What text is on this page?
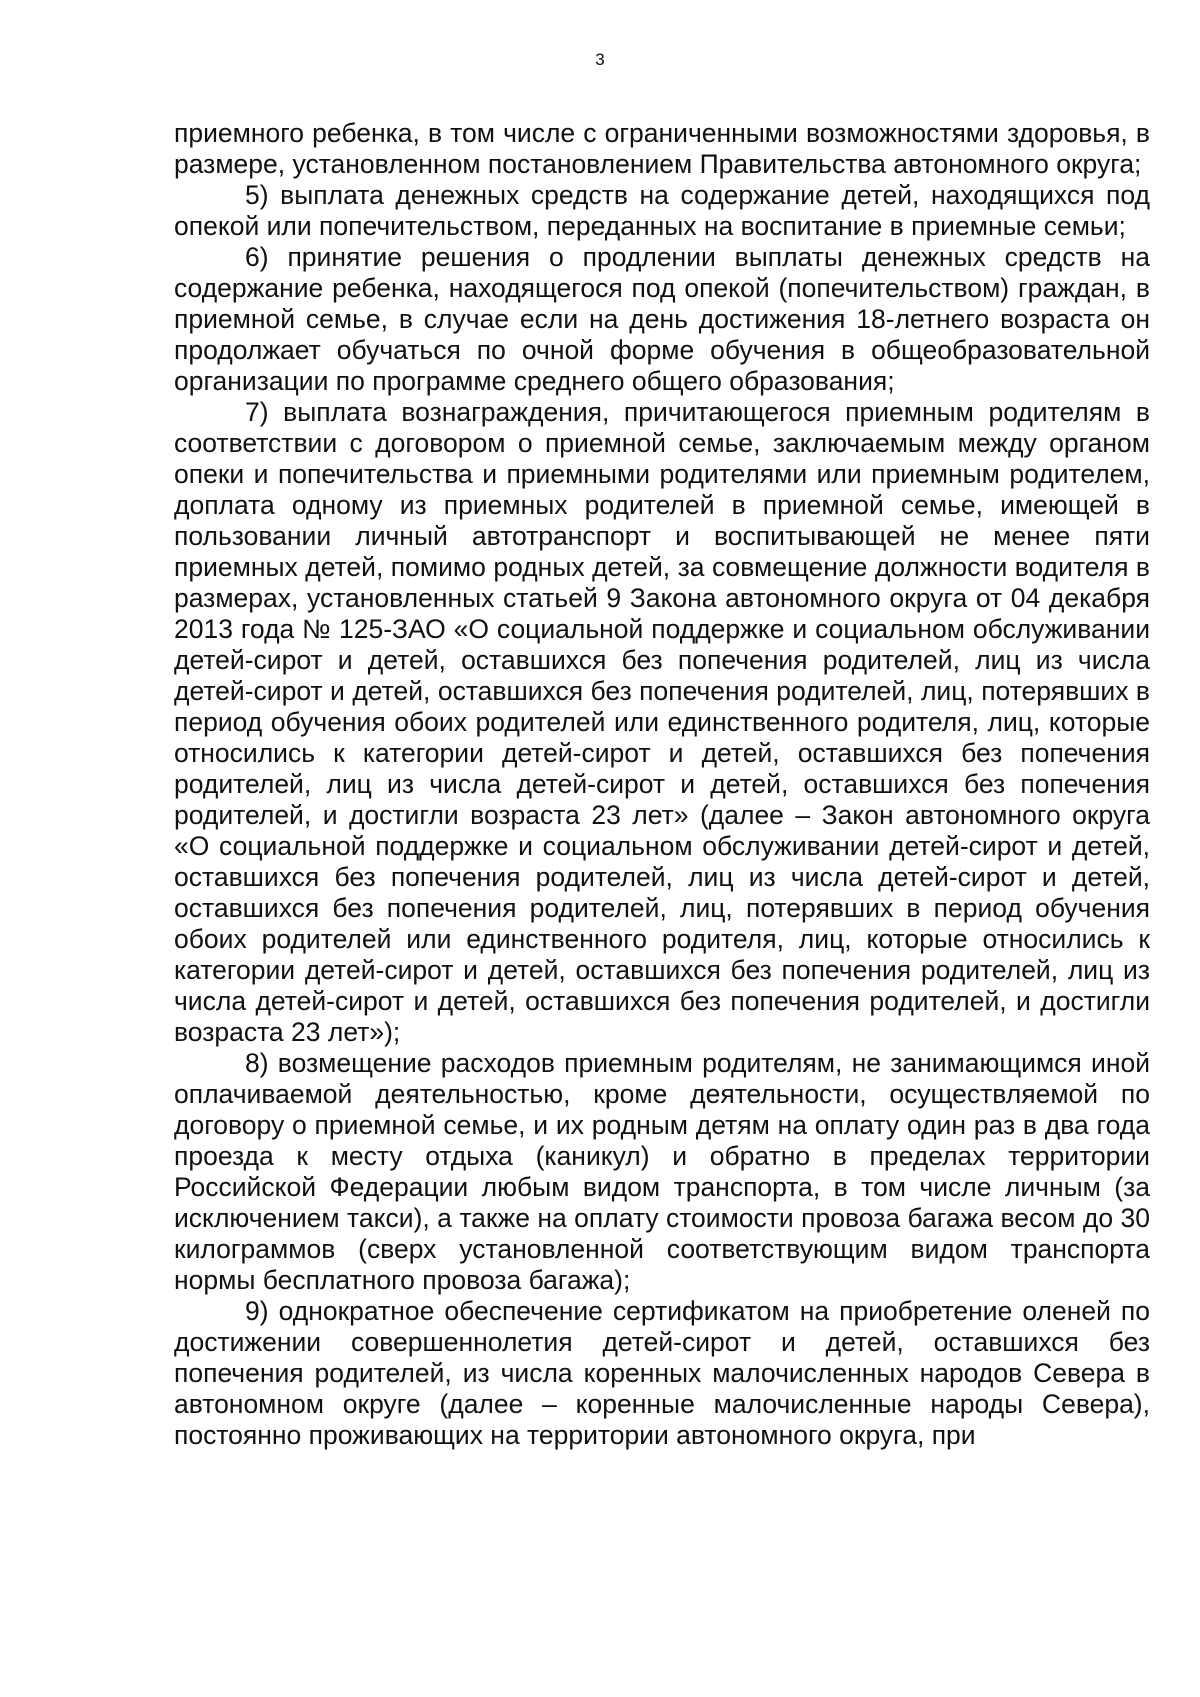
3

приемного ребенка, в том числе с ограниченными возможностями здоровья, в размере, установленном постановлением Правительства автономного округа;

5) выплата денежных средств на содержание детей, находящихся под опекой или попечительством, переданных на воспитание в приемные семьи;

6) принятие решения о продлении выплаты денежных средств на содержание ребенка, находящегося под опекой (попечительством) граждан, в приемной семье, в случае если на день достижения 18-летнего возраста он продолжает обучаться по очной форме обучения в общеобразовательной организации по программе среднего общего образования;

7) выплата вознаграждения, причитающегося приемным родителям в соответствии с договором о приемной семье, заключаемым между органом опеки и попечительства и приемными родителями или приемным родителем, доплата одному из приемных родителей в приемной семье, имеющей в пользовании личный автотранспорт и воспитывающей не менее пяти приемных детей, помимо родных детей, за совмещение должности водителя в размерах, установленных статьей 9 Закона автономного округа от 04 декабря 2013 года № 125-ЗАО «О социальной поддержке и социальном обслуживании детей-сирот и детей, оставшихся без попечения родителей, лиц из числа детей-сирот и детей, оставшихся без попечения родителей, лиц, потерявших в период обучения обоих родителей или единственного родителя, лиц, которые относились к категории детей-сирот и детей, оставшихся без попечения родителей, лиц из числа детей-сирот и детей, оставшихся без попечения родителей, и достигли возраста 23 лет» (далее – Закон автономного округа «О социальной поддержке и социальном обслуживании детей-сирот и детей, оставшихся без попечения родителей, лиц из числа детей-сирот и детей, оставшихся без попечения родителей, лиц, потерявших в период обучения обоих родителей или единственного родителя, лиц, которые относились к категории детей-сирот и детей, оставшихся без попечения родителей, лиц из числа детей-сирот и детей, оставшихся без попечения родителей, и достигли возраста 23 лет»);

8) возмещение расходов приемным родителям, не занимающимся иной оплачиваемой деятельностью, кроме деятельности, осуществляемой по договору о приемной семье, и их родным детям на оплату один раз в два года проезда к месту отдыха (каникул) и обратно в пределах территории Российской Федерации любым видом транспорта, в том числе личным (за исключением такси), а также на оплату стоимости провоза багажа весом до 30 килограммов (сверх установленной соответствующим видом транспорта нормы бесплатного провоза багажа);

9) однократное обеспечение сертификатом на приобретение оленей по достижении совершеннолетия детей-сирот и детей, оставшихся без попечения родителей, из числа коренных малочисленных народов Севера в автономном округе (далее – коренные малочисленные народы Севера), постоянно проживающих на территории автономного округа, при
